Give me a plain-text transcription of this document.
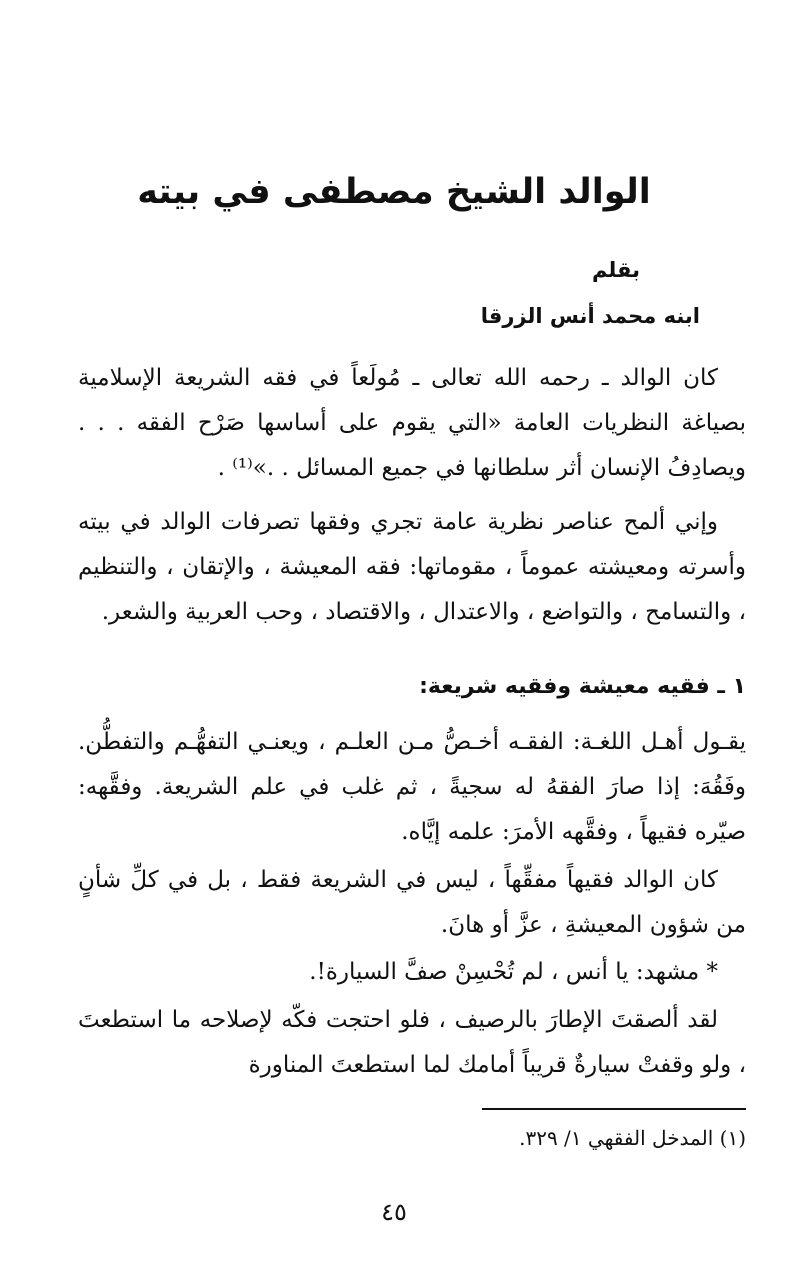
الوالد الشيخ مصطفى في بيته
بقلم
ابنه محمد أنس الزرقا
كان الوالد ـ رحمه الله تعالى ـ مُولَعاً في فقه الشريعة الإسلامية بصياغة النظريات العامة «التي يقوم على أساسها صَرْح الفقه . . . ويصادِفُ الإنسان أثر سلطانها في جميع المسائل . .»⁽¹⁾ .
وإني ألمح عناصر نظرية عامة تجري وفقها تصرفات الوالد في بيته وأسرته ومعيشته عموماً ، مقوماتها: فقه المعيشة ، والإتقان ، والتنظيم ، والتسامح ، والتواضع ، والاعتدال ، والاقتصاد ، وحب العربية والشعر.
١ ـ فقيه معيشة وفقيه شريعة:
يقـول أهـل اللغـة: الفقـه أخـصُّ مـن العلـم ، ويعنـي التفهُّـم والتفطُّن. وفَقُهَ: إذا صارَ الفقهُ له سجيةً ، ثم غلب في علم الشريعة. وفقَّهه: صيّره فقيهاً ، وفقَّهه الأمرَ: علمه إيَّاه.
كان الوالد فقيهاً مفقِّهاً ، ليس في الشريعة فقط ، بل في كلِّ شأنٍ من شؤون المعيشةِ ، عزَّ أو هانَ.
* مشهد: يا أنس ، لم تُحْسِنْ صفَّ السيارة!.
لقد ألصقتَ الإطارَ بالرصيف ، فلو احتجت فكّه لإصلاحه ما استطعتَ ، ولو وقفتْ سيارةٌ قريباً أمامك لما استطعتَ المناورة
(١) المدخل الفقهي ١/ ٣٢٩.
٤٥
